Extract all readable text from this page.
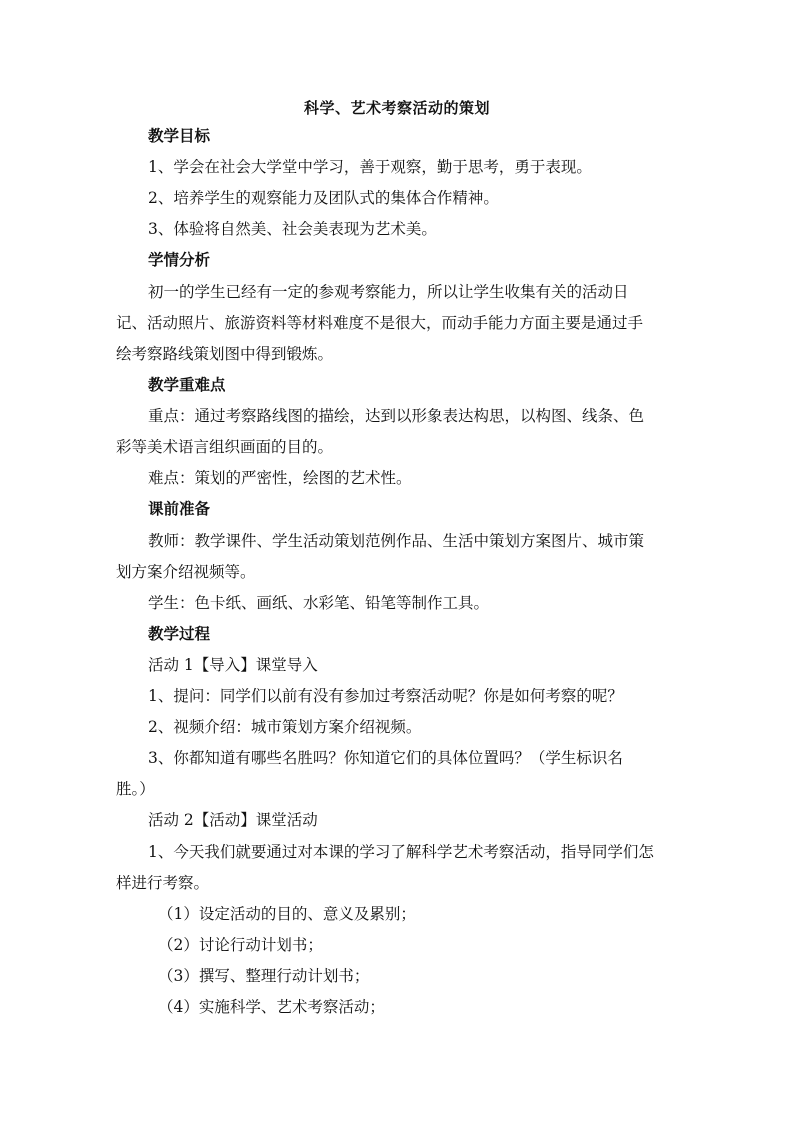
科学、艺术考察活动的策划
教学目标
1、学会在社会大学堂中学习，善于观察，勤于思考，勇于表现。
2、培养学生的观察能力及团队式的集体合作精神。
3、体验将自然美、社会美表现为艺术美。
学情分析
初一的学生已经有一定的参观考察能力，所以让学生收集有关的活动日
记、活动照片、旅游资料等材料难度不是很大，而动手能力方面主要是通过手
绘考察路线策划图中得到锻炼。
教学重难点
重点：通过考察路线图的描绘，达到以形象表达构思，以构图、线条、色
彩等美术语言组织画面的目的。
难点：策划的严密性，绘图的艺术性。
课前准备
教师：教学课件、学生活动策划范例作品、生活中策划方案图片、城市策
划方案介绍视频等。
学生：色卡纸、画纸、水彩笔、铅笔等制作工具。
教学过程
活动 1【导入】课堂导入
1、提问：同学们以前有没有参加过考察活动呢？你是如何考察的呢？
2、视频介绍：城市策划方案介绍视频。
3、你都知道有哪些名胜吗？你知道它们的具体位置吗？（学生标识名
胜。）
活动 2【活动】课堂活动
1、今天我们就要通过对本课的学习了解科学艺术考察活动，指导同学们怎
样进行考察。
（1）设定活动的目的、意义及累别；
（2）讨论行动计划书；
（3）撰写、整理行动计划书；
（4）实施科学、艺术考察活动；
